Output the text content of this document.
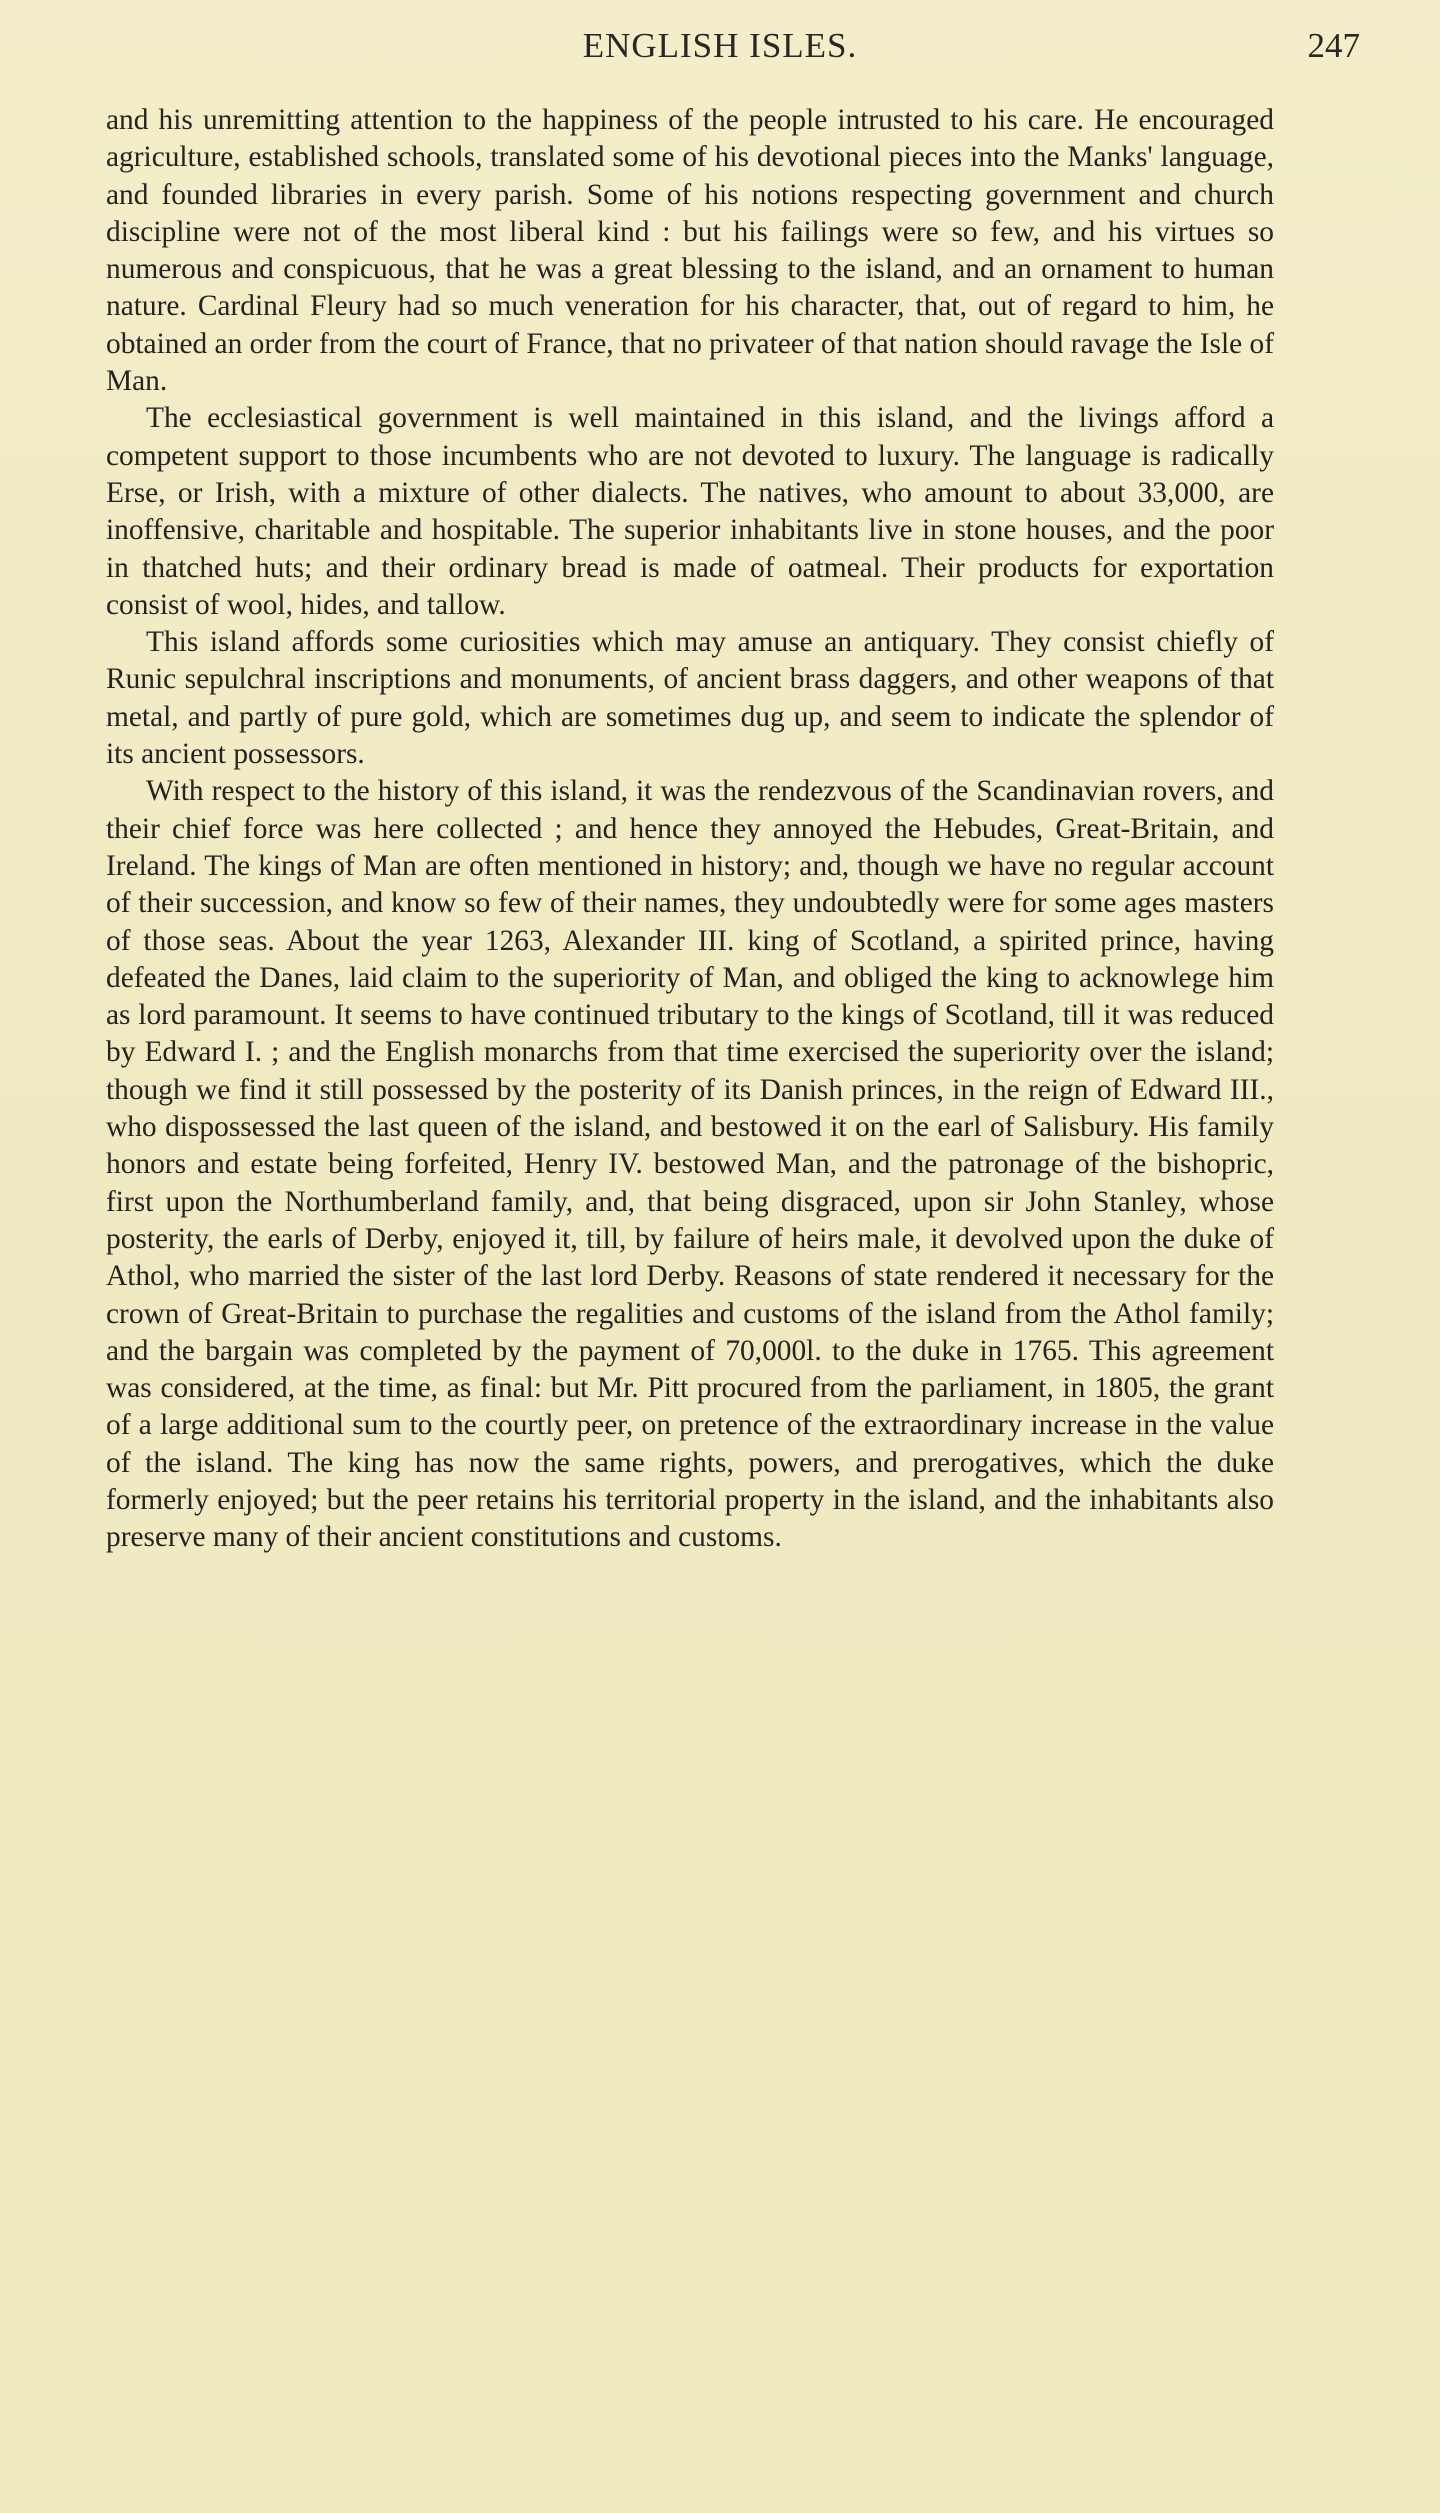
ENGLISH ISLES.	247

and his unremitting attention to the happiness of the people intrusted to his care. He encouraged agriculture, established schools, translated some of his devotional pieces into the Manks' language, and founded libraries in every parish. Some of his notions respecting government and church discipline were not of the most liberal kind : but his failings were so few, and his virtues so numerous and conspicuous, that he was a great blessing to the island, and an ornament to human nature. Cardinal Fleury had so much veneration for his character, that, out of regard to him, he obtained an order from the court of France, that no privateer of that nation should ravage the Isle of Man.

The ecclesiastical government is well maintained in this island, and the livings afford a competent support to those incumbents who are not devoted to luxury. The language is radically Erse, or Irish, with a mixture of other dialects. The natives, who amount to about 33,000, are inoffensive, charitable and hospitable. The superior inhabitants live in stone houses, and the poor in thatched huts; and their ordinary bread is made of oatmeal. Their products for exportation consist of wool, hides, and tallow.

This island affords some curiosities which may amuse an antiquary. They consist chiefly of Runic sepulchral inscriptions and monuments, of ancient brass daggers, and other weapons of that metal, and partly of pure gold, which are sometimes dug up, and seem to indicate the splendor of its ancient possessors.

With respect to the history of this island, it was the rendezvous of the Scandinavian rovers, and their chief force was here collected ; and hence they annoyed the Hebudes, Great-Britain, and Ireland. The kings of Man are often mentioned in history; and, though we have no regular account of their succession, and know so few of their names, they undoubtedly were for some ages masters of those seas. About the year 1263, Alexander III. king of Scotland, a spirited prince, having defeated the Danes, laid claim to the superiority of Man, and obliged the king to acknowlege him as lord paramount. It seems to have continued tributary to the kings of Scotland, till it was reduced by Edward I. ; and the English monarchs from that time exercised the superiority over the island; though we find it still possessed by the posterity of its Danish princes, in the reign of Edward III., who dispossessed the last queen of the island, and bestowed it on the earl of Salisbury. His family honors and estate being forfeited, Henry IV. bestowed Man, and the patronage of the bishopric, first upon the Northumberland family, and, that being disgraced, upon sir John Stanley, whose posterity, the earls of Derby, enjoyed it, till, by failure of heirs male, it devolved upon the duke of Athol, who married the sister of the last lord Derby. Reasons of state rendered it necessary for the crown of Great-Britain to purchase the regalities and customs of the island from the Athol family; and the bargain was completed by the payment of 70,000l. to the duke in 1765. This agreement was considered, at the time, as final: but Mr. Pitt procured from the parliament, in 1805, the grant of a large additional sum to the courtly peer, on pretence of the extraordinary increase in the value of the island. The king has now the same rights, powers, and prerogatives, which the duke formerly enjoyed; but the peer retains his territorial property in the island, and the inhabitants also preserve many of their ancient constitutions and customs.
